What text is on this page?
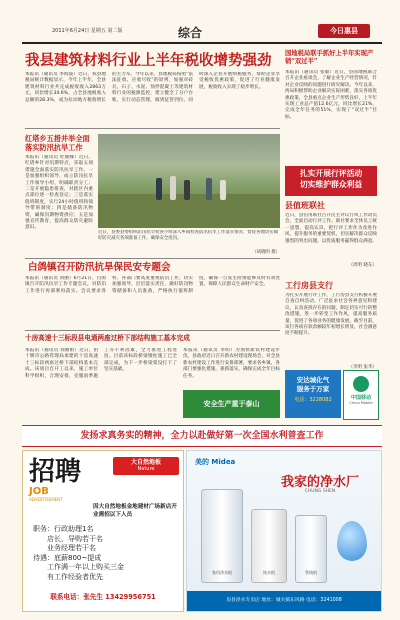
2011年6月24日 星期五 第二版	综合	今日惠县
我县建筑材料行业上半年税收增势强劲
本报讯（通讯员 李海波）近日，我县地税局统计数据显示，今年上半年，全县建筑材料行业共完成税收收入2863万元，同比增长34.6%，占全县地税收入总额的28.3%，成为拉动地方税收增长的主力军。今年以来，县地税局按照“依法征收、应收尽收”的原则，加强对砖瓦、石子、水泥、预拌混凝土等建筑材料行业的税源监控，建立健全了分户台账，实行动态管理，做到征管到位。同时深入企业开展纳税服务，帮助企业享受税收优惠政策，促进了行业健康发展，税收收入实现了稳步增长。
国地税局联手抓好上半年实现产销“双过半”
本报讯（通讯员 张敏）近日，县国地税联合召开企业座谈会，了解企业生产经营情况，针对企业反映的问题进行研究解决。今年以来，两局积极帮助企业解决实际困难，落实各项优惠政策，全县重点企业生产形势良好，上半年实现工业总产值12.6亿元，同比增长21%，完成全年任务的51%，实现了“双过半”目标。
红塔乡五措并举全面落实防汛抗旱工作
本报讯（通讯员 杜丽娜）近日，红塔乡针对汛期特点，采取五项措施全面落实防汛抗旱工作。一是加强组织领导，成立防汛抗旱工作领导小组，明确职责分工；二是开展隐患排查，对辖区内重点部位逐一检查登记；三是落实值班制度，实行24小时值班和领导带班制度；四是储备防汛物资，确保汛期物资供应；五是加强宣传教育，提高群众防灾避险意识。
近日，县委县委组织防汛抗旱检查小组深入乡镇检查防汛抗旱工作落实情况，督促各地切实做好防灾减灾各项准备工作，确保安全度汛。
（胡晓明 摄）
白鸽镇召开防汛抗旱保民安专题会
本报讯（通讯员 刘丽）6月21日，白鸽镇召开防汛抗旱工作专题会议，对防汛工作进行再部署再落实。会议要求各村、各部门要高度重视防汛工作，切实加强领导，层层落实责任，做好防汛物资储备和人员准备，严格执行值班制度，确保一旦发生险情能够及时有效处置，保障人民群众生命财产安全。
十房高速十三标段县电通两座过桥下部结构施工基本完成
本报讯（通讯员 刘丽娟）近日，由十堰市公路管理局承建的十房高速十三标段两座过桥下部结构基本完成。该项目自开工以来，施工单位科学组织，合理安排，克服雨季施工等不利因素，全力推进工程进度。目前该标段桥梁墩柱施工已全部完成，为下一步桥梁架设打下了坚实基础。
本报讯（通讯员 李明）为加快新农村建设步伐，县政府近日召开新农村建设现场会，对全县新农村建设工作进行安排部署，要求各乡镇、各部门要强化措施，狠抓落实，确保完成全年目标任务。
安全生产重于泰山
扎实开展行评活动
切实维护群众利益
县值班联社
近日，县信用联社召开民主评议行风工作动员会，全面启动行评工作。联社要求全体员工统一思想，提高认识，把行评工作作为改进作风、提升服务的重要契机，切实解决群众反映强烈的突出问题，以优质服务赢得群众满意。
（周明 晓东）
工行房县支行
为扎实开展行评工作，工行房县支行积极开展自查自纠活动，广泛征求社会各界意见和建议，认真查找存在的问题，制定切实可行的整改措施，进一步转变工作作风，提高服务质量，促进了各项业务的健康发展。截至目前，该行各项存款余额较年初增长明显，社会满意度不断提升。
（李明 张华）
安达城化气
服务于万家
电话：3228082	中国移动
China Mobile
发扬求真务实的精神，全力以赴做好第一次全国水利普查工作
大自然地板
Nature
招聘
JOB
ADVERTISEMENT
因大自然地板金地建材广场新店开业需招以下人员
职务：行政助理1名
店长、导购若干名
业务经理若干名
待遇：底薪800~提成
工作满一年以上购买三金
有工作经验者优先
联系电话：张先生 13429956751
美的 Midea
我家的净水厂
CHUNG SHEN
家用净水机	纯水机	管线机
房县净水专卖店 地址：城关镇东风路 电话：3241008
